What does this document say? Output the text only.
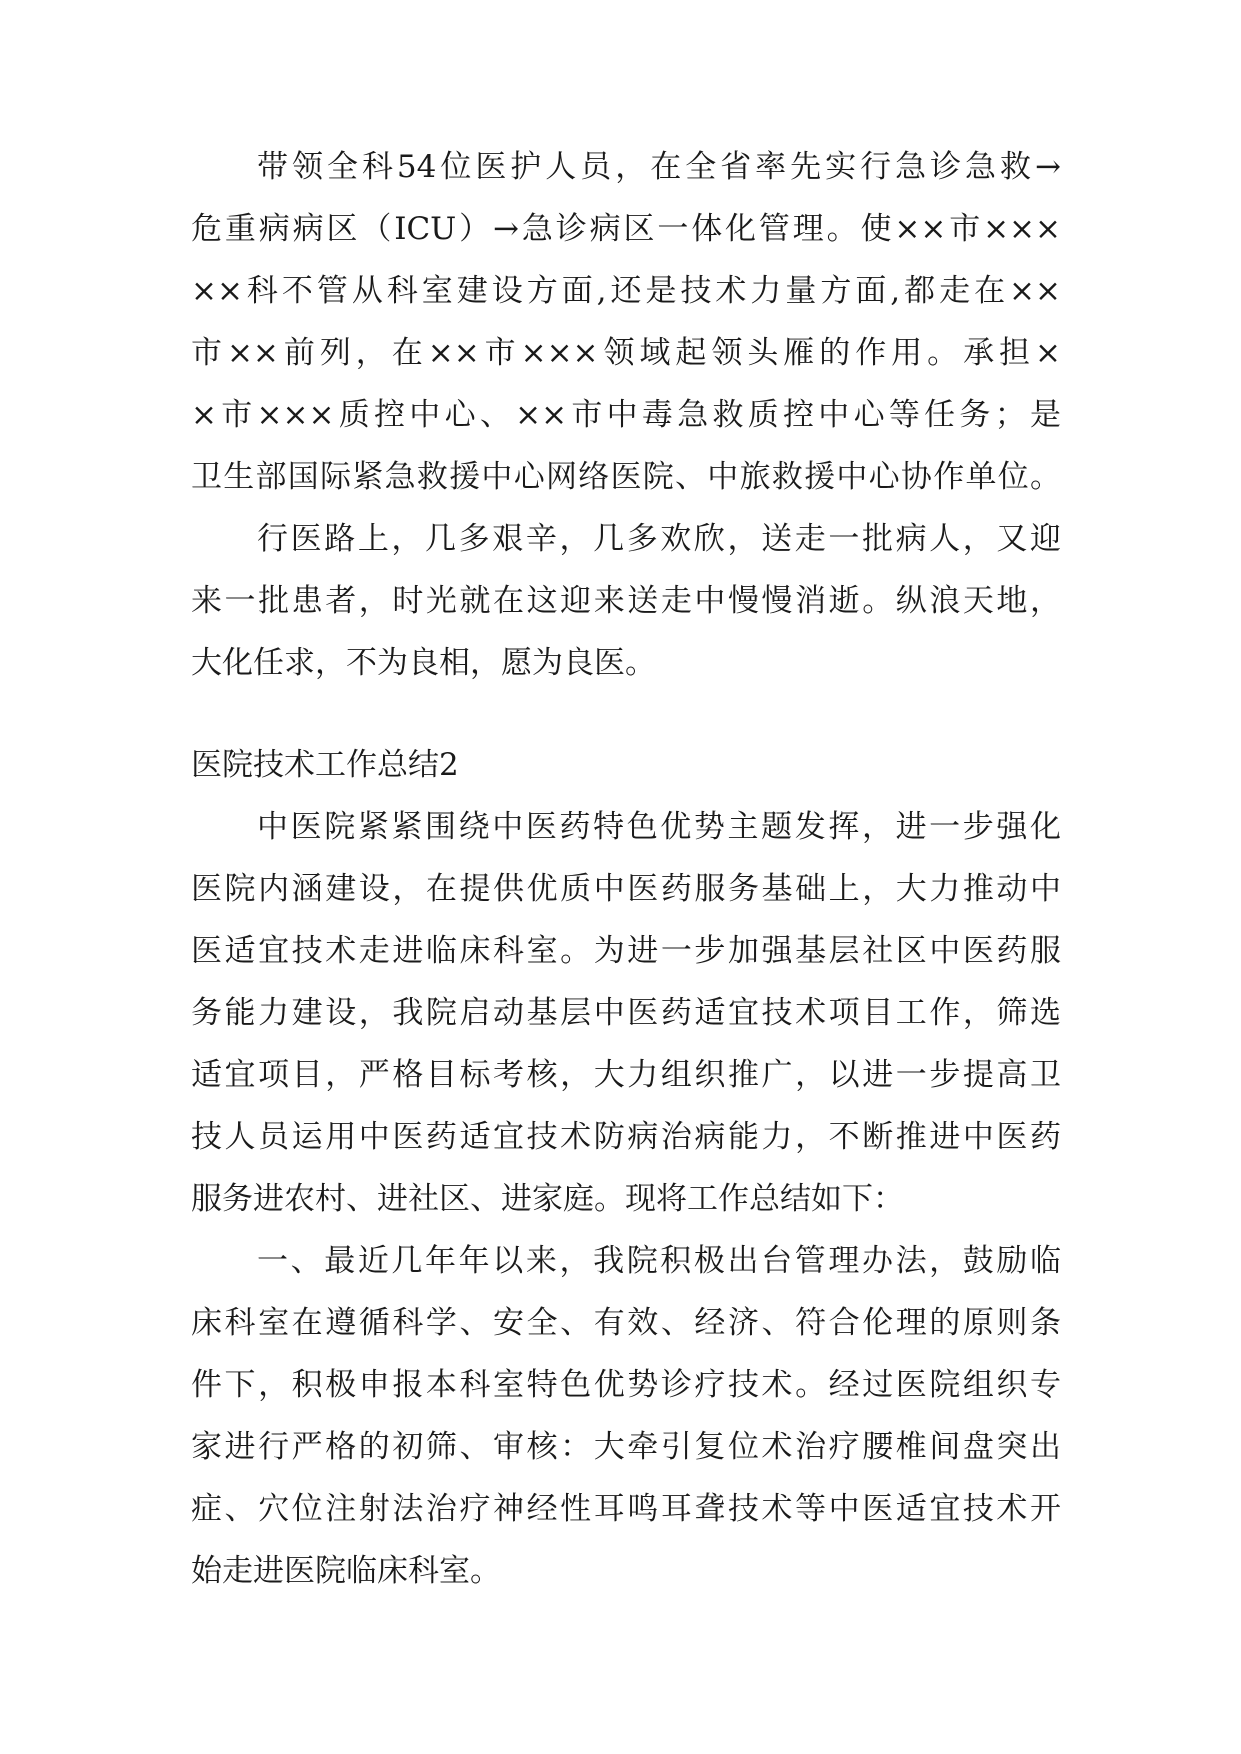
带领全科54位医护人员，在全省率先实行急诊急救→
危重病病区（ICU）→急诊病区一体化管理。使××市×××
××科不管从科室建设方面,还是技术力量方面,都走在××
市××前列，在××市×××领域起领头雁的作用。承担×
×市×××质控中心、××市中毒急救质控中心等任务；是
卫生部国际紧急救援中心网络医院、中旅救援中心协作单位。
行医路上，几多艰辛，几多欢欣，送走一批病人，又迎
来一批患者，时光就在这迎来送走中慢慢消逝。纵浪天地，
大化任求，不为良相，愿为良医。
医院技术工作总结2
中医院紧紧围绕中医药特色优势主题发挥，进一步强化
医院内涵建设，在提供优质中医药服务基础上，大力推动中
医适宜技术走进临床科室。为进一步加强基层社区中医药服
务能力建设，我院启动基层中医药适宜技术项目工作，筛选
适宜项目，严格目标考核，大力组织推广，以进一步提高卫
技人员运用中医药适宜技术防病治病能力，不断推进中医药
服务进农村、进社区、进家庭。现将工作总结如下：
一、最近几年年以来，我院积极出台管理办法，鼓励临
床科室在遵循科学、安全、有效、经济、符合伦理的原则条
件下，积极申报本科室特色优势诊疗技术。经过医院组织专
家进行严格的初筛、审核：大牵引复位术治疗腰椎间盘突出
症、穴位注射法治疗神经性耳鸣耳聋技术等中医适宜技术开
始走进医院临床科室。
